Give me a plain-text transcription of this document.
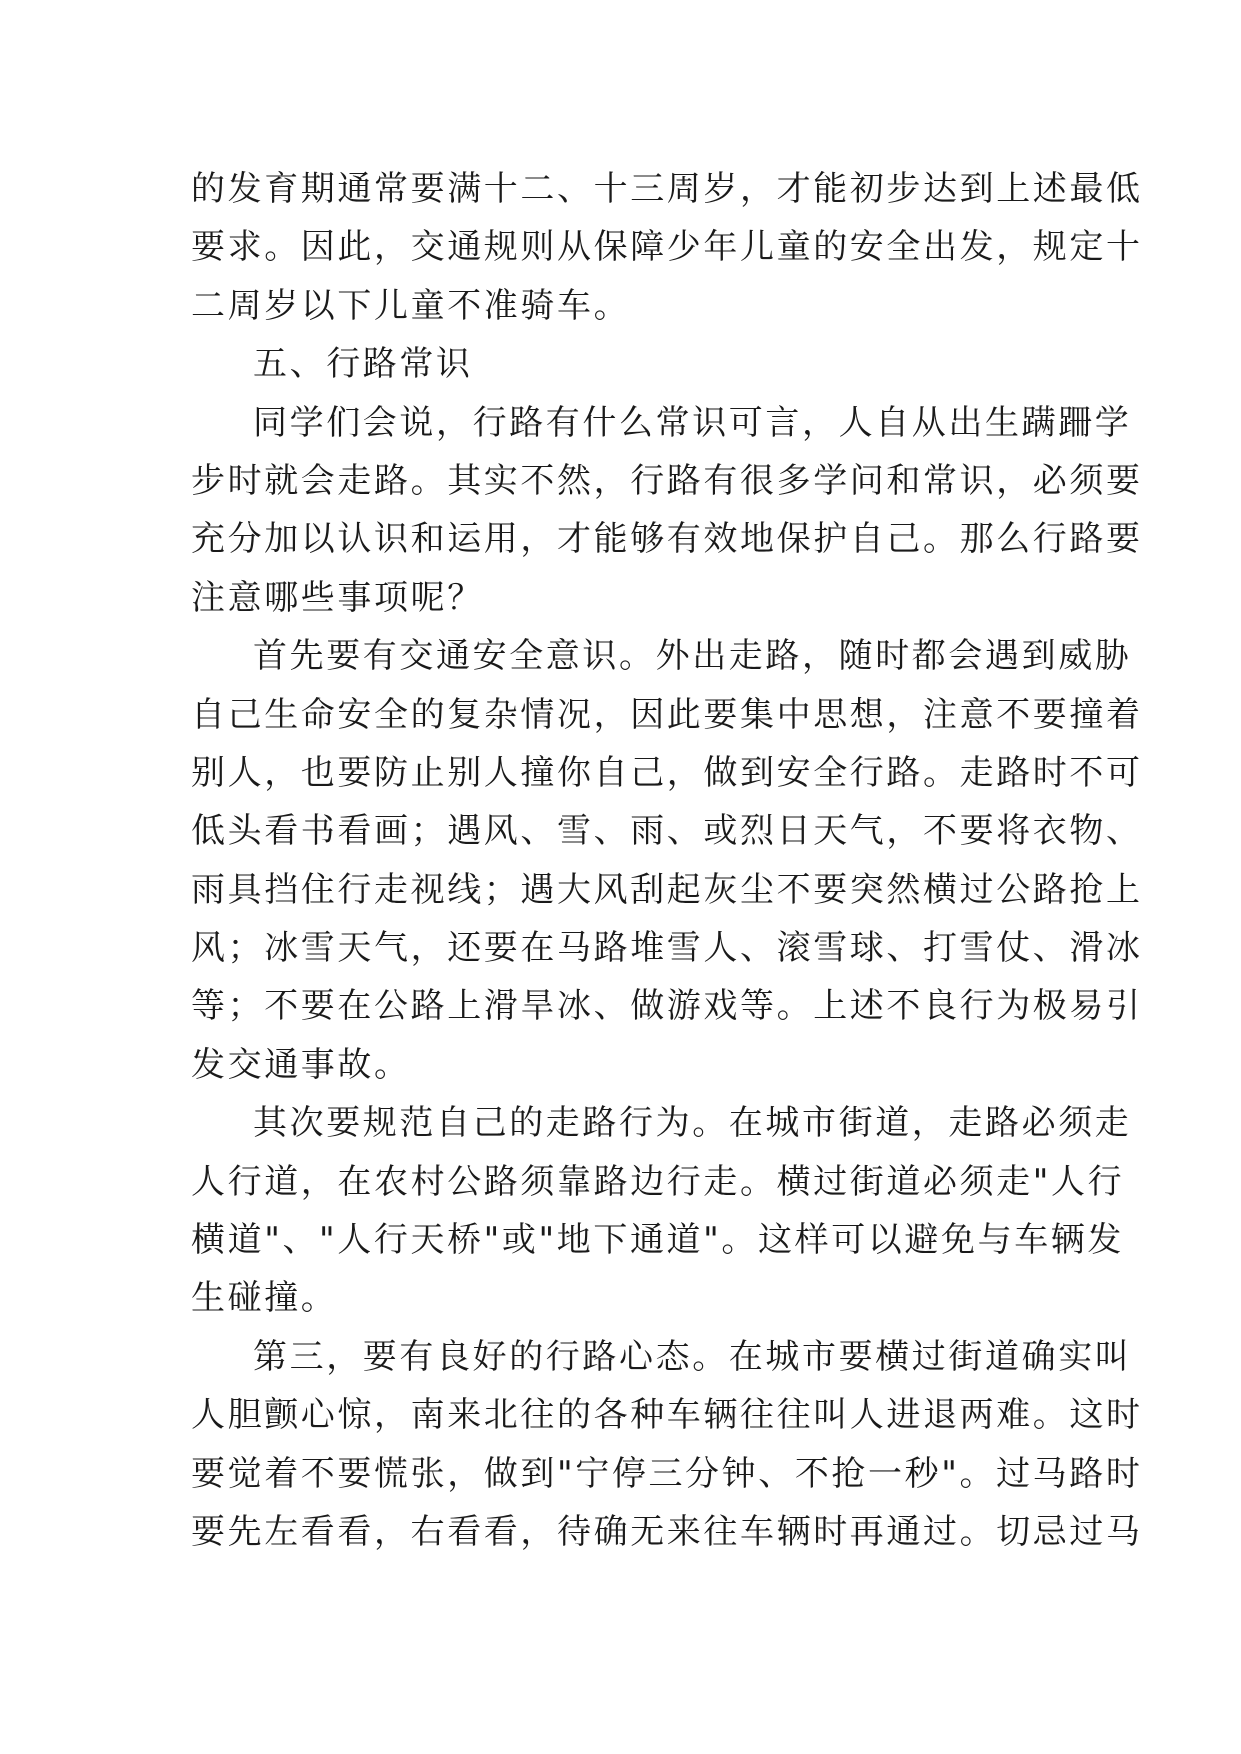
的发育期通常要满十二、十三周岁，才能初步达到上述最低
要求。因此，交通规则从保障少年儿童的安全出发，规定十
二周岁以下儿童不准骑车。
五、行路常识
同学们会说，行路有什么常识可言，人自从出生蹒跚学
步时就会走路。其实不然，行路有很多学问和常识，必须要
充分加以认识和运用，才能够有效地保护自己。那么行路要
注意哪些事项呢？
首先要有交通安全意识。外出走路，随时都会遇到威胁
自己生命安全的复杂情况，因此要集中思想，注意不要撞着
别人，也要防止别人撞你自己，做到安全行路。走路时不可
低头看书看画；遇风、雪、雨、或烈日天气，不要将衣物、
雨具挡住行走视线；遇大风刮起灰尘不要突然横过公路抢上
风；冰雪天气，还要在马路堆雪人、滚雪球、打雪仗、滑冰
等；不要在公路上滑旱冰、做游戏等。上述不良行为极易引
发交通事故。
其次要规范自己的走路行为。在城市街道，走路必须走
人行道，在农村公路须靠路边行走。横过街道必须走"人行
横道"、"人行天桥"或"地下通道"。这样可以避免与车辆发
生碰撞。
第三，要有良好的行路心态。在城市要横过街道确实叫
人胆颤心惊，南来北往的各种车辆往往叫人进退两难。这时
要觉着不要慌张，做到"宁停三分钟、不抢一秒"。过马路时
要先左看看，右看看，待确无来往车辆时再通过。切忌过马
